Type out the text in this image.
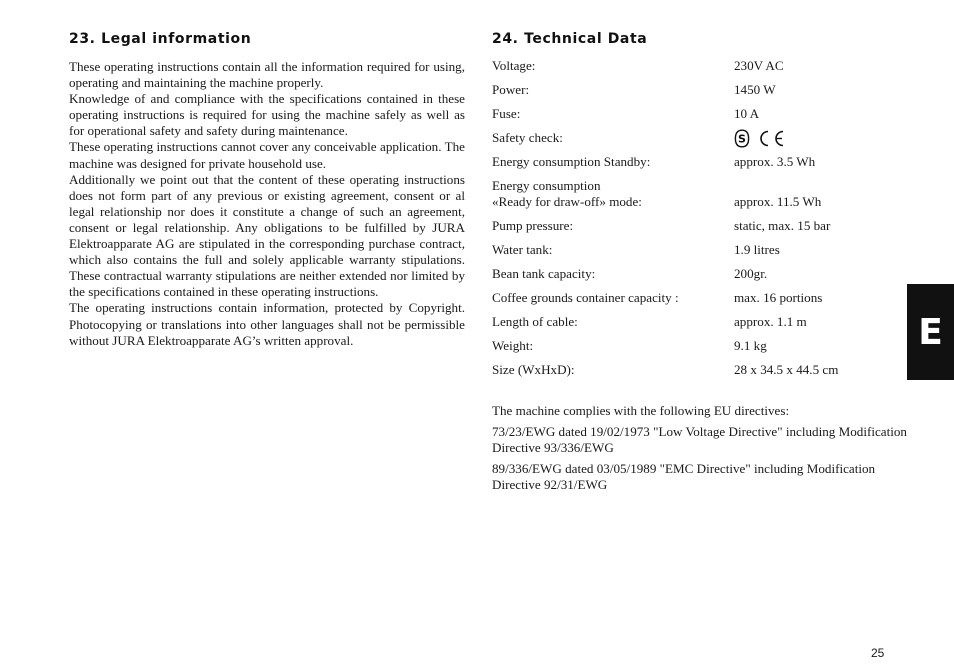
23. Legal information

These operating instructions contain all the information required for using, operating and maintaining the machine properly.

Knowledge of and compliance with the specifications contained in these operating instructions is required for using the machine safely as well as for operational safety and safety during maintenance.

These operating instructions cannot cover any conceivable application. The machine was designed for private household use.

Additionally we point out that the content of these operating instructions does not form part of any previous or existing agreement, consent or al legal relationship nor does it constitute a change of such an agreement, consent or legal relationship. Any obligations to be fulfilled by JURA Elektroapparate AG are stipulated in the corresponding purchase contract, which also contains the full and solely applicable warranty stipulations. These contractual warranty stipulations are neither extended nor limited by the specifications contained in these operating instructions.

The operating instructions contain information, protected by Copyright. Photocopying or translations into other languages shall not be permissible without JURA Elektroapparate AG’s written approval.

24. Technical Data
Voltage:	230V AC
Power:	1450 W
Fuse:	10 A
Safety check:	S
Energy consumption Standby:	approx. 3.5 Wh
Energy consumption
«Ready for draw-off» mode:	approx. 11.5 Wh
Pump pressure:	static, max. 15 bar
Water tank:	1.9 litres
Bean tank capacity:	200gr.
Coffee grounds container capacity :	max. 16 portions
Length of cable:	approx. 1.1 m
Weight:	9.1 kg
Size (WxHxD):	28 x 34.5 x 44.5 cm

The machine complies with the following EU directives:

73/23/EWG dated 19/02/1973 "Low Voltage Directive" including Modification Directive 93/336/EWG

89/336/EWG dated 03/05/1989 "EMC Directive" including Modification Directive 92/31/EWG

E
25
